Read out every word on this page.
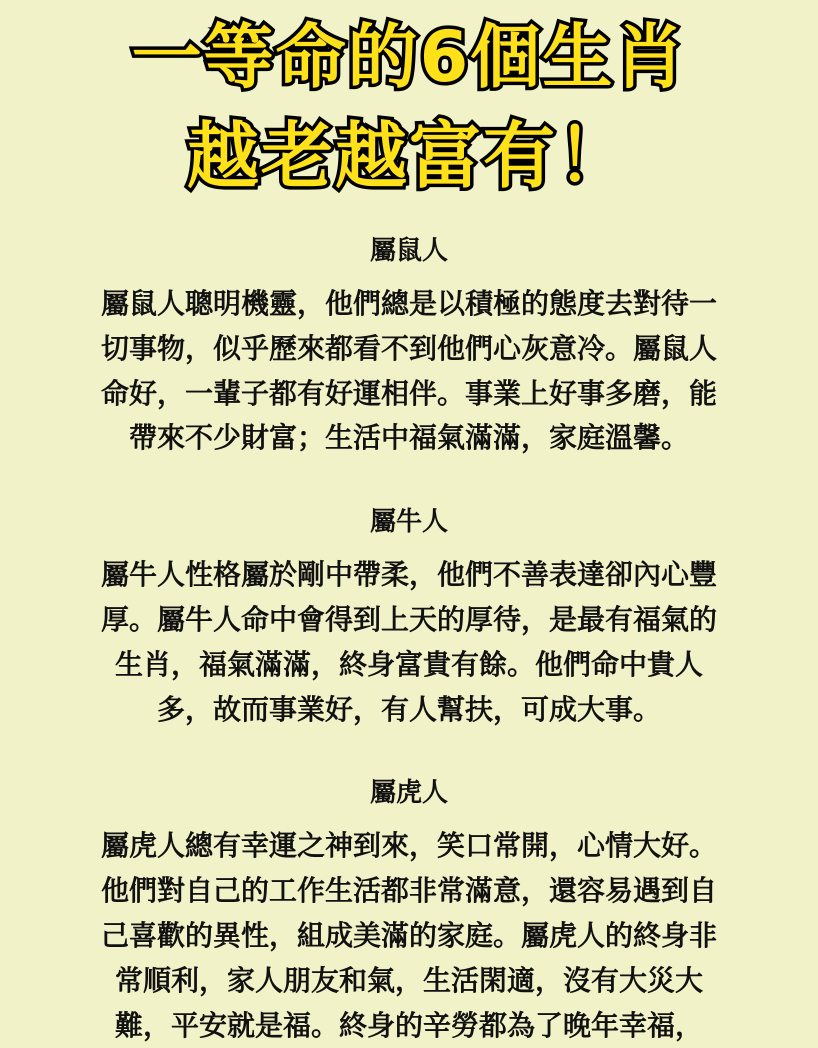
一等命的6個生肖
越老越富有！
屬鼠人

屬鼠人聰明機靈，他們總是以積極的態度去對待一

切事物，似乎歷來都看不到他們心灰意冷。屬鼠人

命好，一輩子都有好運相伴。事業上好事多磨，能

帶來不少財富；生活中福氣滿滿，家庭溫馨。

屬牛人

屬牛人性格屬於剛中帶柔，他們不善表達卻內心豐

厚。屬牛人命中會得到上天的厚待，是最有福氣的

生肖，福氣滿滿，終身富貴有餘。他們命中貴人

多，故而事業好，有人幫扶，可成大事。

屬虎人

屬虎人總有幸運之神到來，笑口常開，心情大好。

他們對自己的工作生活都非常滿意，還容易遇到自

己喜歡的異性，組成美滿的家庭。屬虎人的終身非

常順利，家人朋友和氣，生活閑適，沒有大災大

難，平安就是福。終身的辛勞都為了晚年幸福，
